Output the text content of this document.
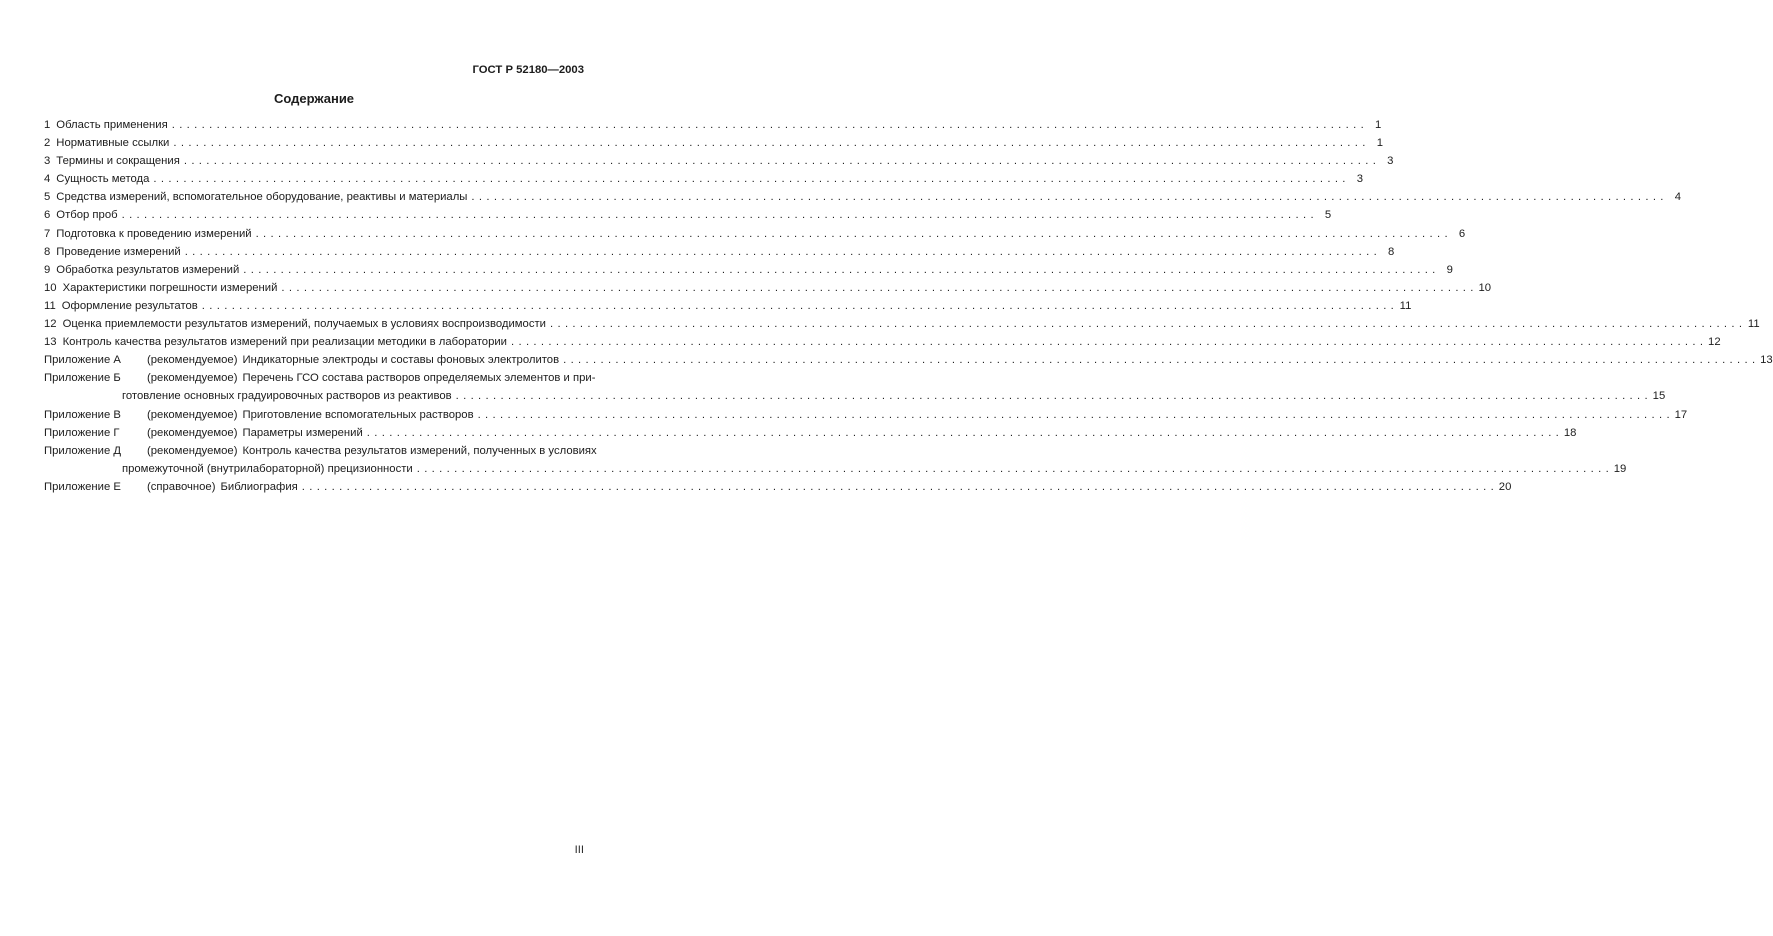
ГОСТ Р 52180—2003
Содержание
1 Область применения . . . . . . . . . . . . . . . . . . . . . . . . . . . . . . . . . . . . . . . . . . . . . . . . . . . . . . . . . . . . . . . . . . . . . . . . . . . . . . . . . . . . . . . . . . . . . . . . . . . . . . . . . . . . . . . . . . . . . . . . . . . . . . . . . . . . . . . . . . . . . . . . . . . . . . . . . . . . . . . . 1
2 Нормативные ссылки . . . . . . . . . . . . . . . . . . . . . . . . . . . . . . . . . . . . . . . . . . . . . . . . . . . . . . . . . . . . . . . . . . . . . . . . . . . . . . . . . . . . . . . . . . . . . . . . . . . . . . . . . . . . . . . . . . . . . . . . . . . . . . . . . . . . . . . . . . . . . . . . . . . . . . . . . . . . . . . . 1
3 Термины и сокращения . . . . . . . . . . . . . . . . . . . . . . . . . . . . . . . . . . . . . . . . . . . . . . . . . . . . . . . . . . . . . . . . . . . . . . . . . . . . . . . . . . . . . . . . . . . . . . . . . . . . . . . . . . . . . . . . . . . . . . . . . . . . . . . . . . . . . . . . . . . . . . . . . . . . . . . . . . . . . . . . 3
4 Сущность метода . . . . . . . . . . . . . . . . . . . . . . . . . . . . . . . . . . . . . . . . . . . . . . . . . . . . . . . . . . . . . . . . . . . . . . . . . . . . . . . . . . . . . . . . . . . . . . . . . . . . . . . . . . . . . . . . . . . . . . . . . . . . . . . . . . . . . . . . . . . . . . . . . . . . . . . . . . . . . . . . 3
5 Средства измерений, вспомогательное оборудование, реактивы и материалы . . . . . . . . . . . . . . . . . . . . . . . . . . . . . . . . . . . . . . . . . . . . . . . . . . . . . . . . . . . . . . . . . . . . . . . . . . . . . . . . . . . . . . . . . . . . . . . . . . . . . . . . . . . . . . . . . . . . . . . . . . . . . . . . . . . . . . . . . . . . . . . . . . . . . . . . . . . . . . . . 4
6 Отбор проб . . . . . . . . . . . . . . . . . . . . . . . . . . . . . . . . . . . . . . . . . . . . . . . . . . . . . . . . . . . . . . . . . . . . . . . . . . . . . . . . . . . . . . . . . . . . . . . . . . . . . . . . . . . . . . . . . . . . . . . . . . . . . . . . . . . . . . . . . . . . . . . . . . . . . . . . . . . . . . . . 5
7 Подготовка к проведению измерений . . . . . . . . . . . . . . . . . . . . . . . . . . . . . . . . . . . . . . . . . . . . . . . . . . . . . . . . . . . . . . . . . . . . . . . . . . . . . . . . . . . . . . . . . . . . . . . . . . . . . . . . . . . . . . . . . . . . . . . . . . . . . . . . . . . . . . . . . . . . . . . . . . . . . . . . . . . . . . . . 6
8 Проведение измерений . . . . . . . . . . . . . . . . . . . . . . . . . . . . . . . . . . . . . . . . . . . . . . . . . . . . . . . . . . . . . . . . . . . . . . . . . . . . . . . . . . . . . . . . . . . . . . . . . . . . . . . . . . . . . . . . . . . . . . . . . . . . . . . . . . . . . . . . . . . . . . . . . . . . . . . . . . . . . . . . 8
9 Обработка результатов измерений . . . . . . . . . . . . . . . . . . . . . . . . . . . . . . . . . . . . . . . . . . . . . . . . . . . . . . . . . . . . . . . . . . . . . . . . . . . . . . . . . . . . . . . . . . . . . . . . . . . . . . . . . . . . . . . . . . . . . . . . . . . . . . . . . . . . . . . . . . . . . . . . . . . . . . . . . . . . . . . . 9
10 Характеристики погрешности измерений . . . . . . . . . . . . . . . . . . . . . . . . . . . . . . . . . . . . . . . . . . . . . . . . . . . . . . . . . . . . . . . . . . . . . . . . . . . . . . . . . . . . . . . . . . . . . . . . . . . . . . . . . . . . . . . . . . . . . . . . . . . . . . . . . . . . . . . . . . . . . . . . . . . . . . . . . . . . . . . . 10
11 Оформление результатов . . . . . . . . . . . . . . . . . . . . . . . . . . . . . . . . . . . . . . . . . . . . . . . . . . . . . . . . . . . . . . . . . . . . . . . . . . . . . . . . . . . . . . . . . . . . . . . . . . . . . . . . . . . . . . . . . . . . . . . . . . . . . . . . . . . . . . . . . . . . . . . . . . . . . . . . . . . . . . . . 11
12 Оценка приемлемости результатов измерений, получаемых в условиях воспроизводимости . . . . . . . . . . . . . . . . . . . . . . . . . . . . . . . . . . . . . . . . . . . . . . . . . . . . . . . . . . . . . . . . . . . . . . . . . . . . . . . . . . . . . . . . . . . . . . . . . . . . . . . . . . . . . . . . . . . . . . . . . . . . . . . . . . . . . . . . . . . . . . . . . . . . . . . . . . . . . . . . 11
13 Контроль качества результатов измерений при реализации методики в лаборатории . . . . . . . . . . . . . . . . . . . . . . . . . . . . . . . . . . . . . . . . . . . . . . . . . . . . . . . . . . . . . . . . . . . . . . . . . . . . . . . . . . . . . . . . . . . . . . . . . . . . . . . . . . . . . . . . . . . . . . . . . . . . . . . . . . . . . . . . . . . . . . . . . . . . . . . . . . . . . . . . 12
Приложение А	(рекомендуемое) Индикаторные электроды и составы фоновых электролитов . . . . . . . . . . . . . . . . . . . . . . . . . . . . . . . . . . . . . . . . . . . . . . . . . . . . . . . . . . . . . . . . . . . . . . . . . . . . . . . . . . . . . . . . . . . . . . . . . . . . . . . . . . . . . . . . . . . . . . . . . . . . . . . . . . . . . . . . . . . . . . . . . . . . . . . . . . . . . . . . 13
Приложение Б	(рекомендуемое) Перечень ГСО состава растворов определяемых элементов и при-
готовление основных градуировочных растворов из реактивов . . . . . . . . . . . . . . . . . . . . . . . . . . . . . . . . . . . . . . . . . . . . . . . . . . . . . . . . . . . . . . . . . . . . . . . . . . . . . . . . . . . . . . . . . . . . . . . . . . . . . . . . . . . . . . . . . . . . . . . . . . . . . . . . . . . . . . . . . . . . . . . . . . . . . . . . . . . . . . . . 15
Приложение В	(рекомендуемое) Приготовление вспомогательных растворов . . . . . . . . . . . . . . . . . . . . . . . . . . . . . . . . . . . . . . . . . . . . . . . . . . . . . . . . . . . . . . . . . . . . . . . . . . . . . . . . . . . . . . . . . . . . . . . . . . . . . . . . . . . . . . . . . . . . . . . . . . . . . . . . . . . . . . . . . . . . . . . . . . . . . . . . . . . . . . . . 17
Приложение Г	(рекомендуемое) Параметры измерений . . . . . . . . . . . . . . . . . . . . . . . . . . . . . . . . . . . . . . . . . . . . . . . . . . . . . . . . . . . . . . . . . . . . . . . . . . . . . . . . . . . . . . . . . . . . . . . . . . . . . . . . . . . . . . . . . . . . . . . . . . . . . . . . . . . . . . . . . . . . . . . . . . . . . . . . . . . . . . . . 18
Приложение Д	(рекомендуемое) Контроль качества результатов измерений, полученных в условиях
промежуточной (внутрилабораторной) прецизионности . . . . . . . . . . . . . . . . . . . . . . . . . . . . . . . . . . . . . . . . . . . . . . . . . . . . . . . . . . . . . . . . . . . . . . . . . . . . . . . . . . . . . . . . . . . . . . . . . . . . . . . . . . . . . . . . . . . . . . . . . . . . . . . . . . . . . . . . . . . . . . . . . . . . . . . . . . . . . . . . 19
Приложение Е	(справочное) Библиография . . . . . . . . . . . . . . . . . . . . . . . . . . . . . . . . . . . . . . . . . . . . . . . . . . . . . . . . . . . . . . . . . . . . . . . . . . . . . . . . . . . . . . . . . . . . . . . . . . . . . . . . . . . . . . . . . . . . . . . . . . . . . . . . . . . . . . . . . . . . . . . . . . . . . . . . . . . . . . . . 20
III
